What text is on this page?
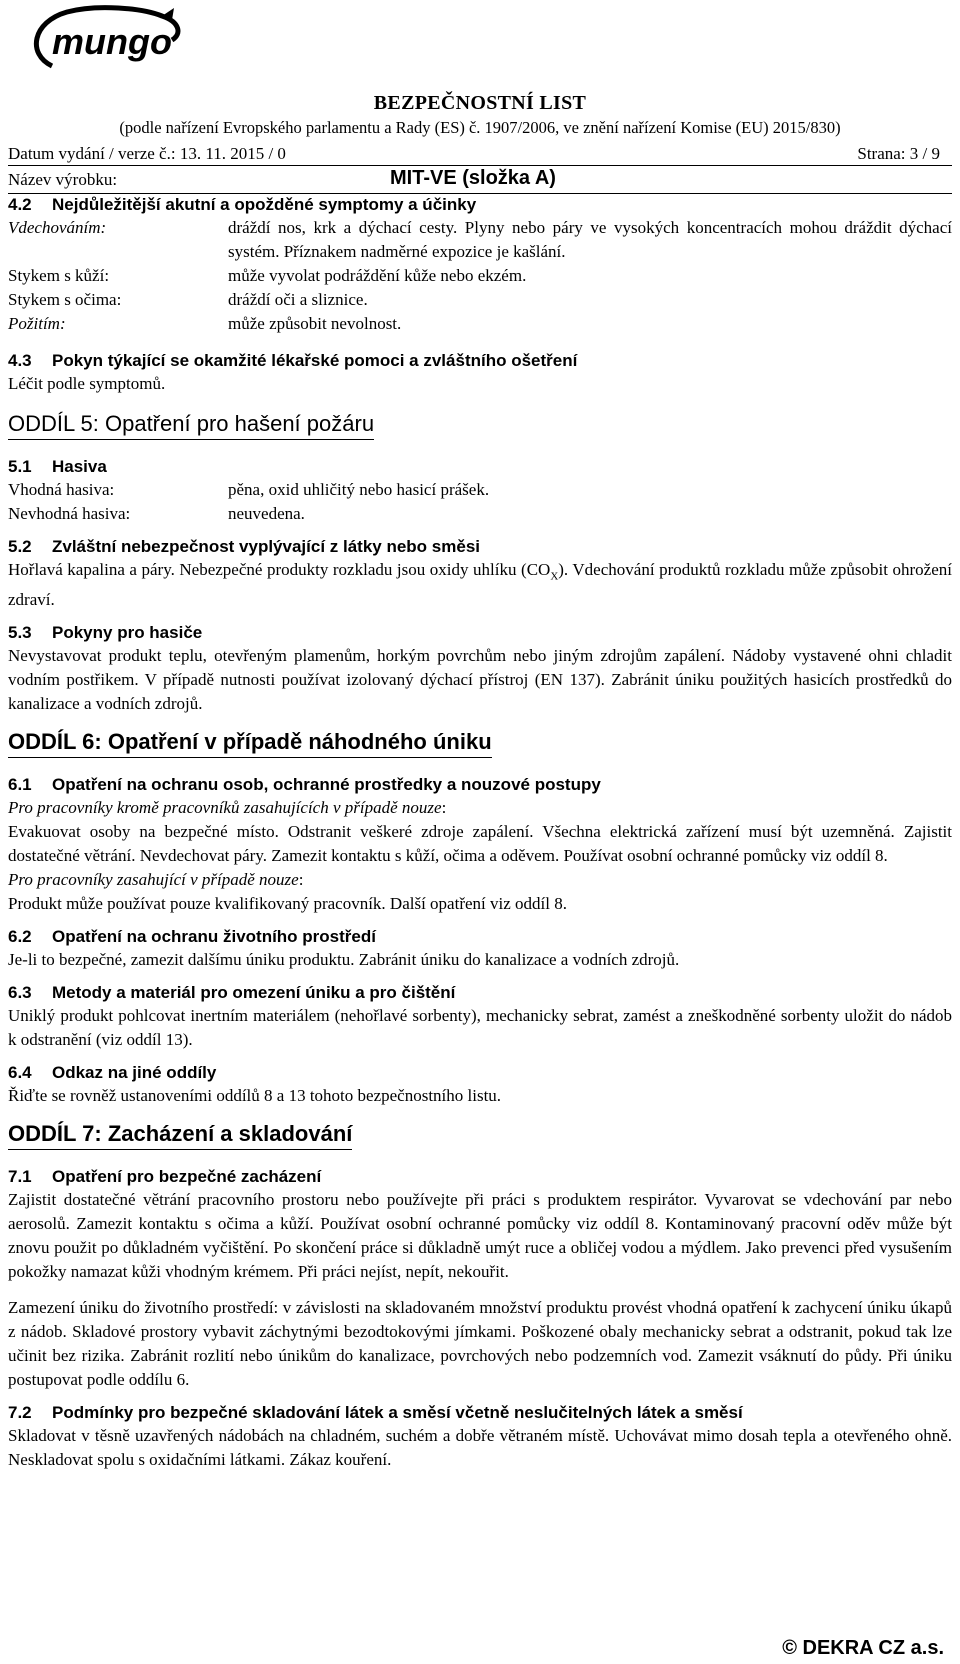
mungo
BEZPEČNOSTNÍ LIST
(podle nařízení Evropského parlamentu a Rady (ES) č. 1907/2006, ve znění nařízení Komise (EU) 2015/830)
Datum vydání / verze č.: 13. 11. 2015 / 0	Strana: 3 / 9
Název výrobku:	MIT-VE (složka A)
4.2 Nejdůležitější akutní a opožděné symptomy a účinky
Vdechováním:	dráždí nos, krk a dýchací cesty. Plyny nebo páry ve vysokých koncentracích mohou dráždit dýchací systém. Příznakem nadměrné expozice je kašlání.
Stykem s kůží:	může vyvolat podráždění kůže nebo ekzém.
Stykem s očima:	dráždí oči a sliznice.
Požitím:	může způsobit nevolnost.
4.3 Pokyn týkající se okamžité lékařské pomoci a zvláštního ošetření

Léčit podle symptomů.

ODDÍL 5: Opatření pro hašení požáru
5.1 Hasiva
Vhodná hasiva:	pěna, oxid uhličitý nebo hasicí prášek.
Nevhodná hasiva:	neuvedena.
5.2 Zvláštní nebezpečnost vyplývající z látky nebo směsi

Hořlavá kapalina a páry. Nebezpečné produkty rozkladu jsou oxidy uhlíku $(CO_X)$. Vdechování produktů rozkladu může způsobit ohrožení zdraví.

5.3 Pokyny pro hasiče

Nevystavovat produkt teplu, otevřeným plamenům, horkým povrchům nebo jiným zdrojům zapálení. Nádoby vystavené ohni chladit vodním postřikem. V případě nutnosti používat izolovaný dýchací přístroj (EN 137). Zabránit úniku použitých hasicích prostředků do kanalizace a vodních zdrojů.

ODDÍL 6: Opatření v případě náhodného úniku
6.1 Opatření na ochranu osob, ochranné prostředky a nouzové postupy

Pro pracovníky kromě pracovníků zasahujících v případě nouze:

Evakuovat osoby na bezpečné místo. Odstranit veškeré zdroje zapálení. Všechna elektrická zařízení musí být uzemněná. Zajistit dostatečné větrání. Nevdechovat páry. Zamezit kontaktu s kůží, očima a oděvem. Používat osobní ochranné pomůcky viz oddíl 8.

Pro pracovníky zasahující v případě nouze:

Produkt může používat pouze kvalifikovaný pracovník. Další opatření viz oddíl 8.

6.2 Opatření na ochranu životního prostředí

Je-li to bezpečné, zamezit dalšímu úniku produktu. Zabránit úniku do kanalizace a vodních zdrojů.

6.3 Metody a materiál pro omezení úniku a pro čištění

Uniklý produkt pohlcovat inertním materiálem (nehořlavé sorbenty), mechanicky sebrat, zamést a zneškodněné sorbenty uložit do nádob k odstranění (viz oddíl 13).

6.4 Odkaz na jiné oddíly

Řiďte se rovněž ustanoveními oddílů 8 a 13 tohoto bezpečnostního listu.

ODDÍL 7: Zacházení a skladování
7.1 Opatření pro bezpečné zacházení

Zajistit dostatečné větrání pracovního prostoru nebo používejte při práci s produktem respirátor. Vyvarovat se vdechování par nebo aerosolů. Zamezit kontaktu s očima a kůží. Používat osobní ochranné pomůcky viz oddíl 8. Kontaminovaný pracovní oděv může být znovu použit po důkladném vyčištění. Po skončení práce si důkladně umýt ruce a obličej vodou a mýdlem. Jako prevenci před vysušením pokožky namazat kůži vhodným krémem. Při práci nejíst, nepít, nekouřit.

Zamezení úniku do životního prostředí: v závislosti na skladovaném množství produktu provést vhodná opatření k zachycení úniku úkapů z nádob. Skladové prostory vybavit záchytnými bezodtokovými jímkami. Poškozené obaly mechanicky sebrat a odstranit, pokud tak lze učinit bez rizika. Zabránit rozlití nebo únikům do kanalizace, povrchových nebo podzemních vod. Zamezit vsáknutí do půdy. Při úniku postupovat podle oddílu 6.

7.2 Podmínky pro bezpečné skladování látek a směsí včetně neslučitelných látek a směsí

Skladovat v těsně uzavřených nádobách na chladném, suchém a dobře větraném místě. Uchovávat mimo dosah tepla a otevřeného ohně. Neskladovat spolu s oxidačními látkami. Zákaz kouření.

© DEKRA CZ a.s.
